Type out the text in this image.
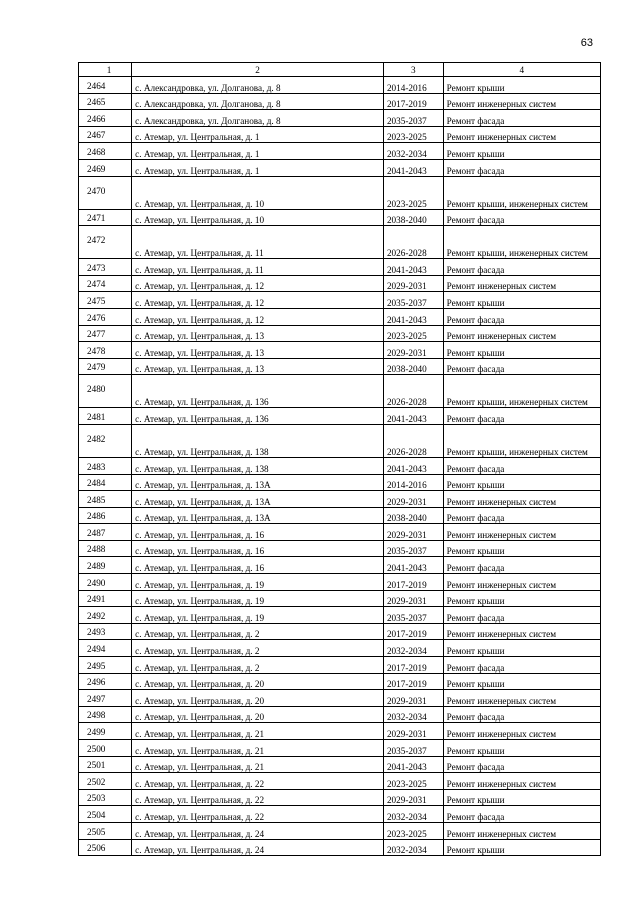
63
1	2	3	4
2464	с. Александровка, ул. Долганова, д. 8	2014-2016	Ремонт крыши
2465	с. Александровка, ул. Долганова, д. 8	2017-2019	Ремонт инженерных систем
2466	с. Александровка, ул. Долганова, д. 8	2035-2037	Ремонт фасада
2467	с. Атемар, ул. Центральная, д. 1	2023-2025	Ремонт инженерных систем
2468	с. Атемар, ул. Центральная, д. 1	2032-2034	Ремонт крыши
2469	с. Атемар, ул. Центральная, д. 1	2041-2043	Ремонт фасада
2470	с. Атемар, ул. Центральная, д. 10	2023-2025	Ремонт крыши, инженерных систем
2471	с. Атемар, ул. Центральная, д. 10	2038-2040	Ремонт фасада
2472	с. Атемар, ул. Центральная, д. 11	2026-2028	Ремонт крыши, инженерных систем
2473	с. Атемар, ул. Центральная, д. 11	2041-2043	Ремонт фасада
2474	с. Атемар, ул. Центральная, д. 12	2029-2031	Ремонт инженерных систем
2475	с. Атемар, ул. Центральная, д. 12	2035-2037	Ремонт крыши
2476	с. Атемар, ул. Центральная, д. 12	2041-2043	Ремонт фасада
2477	с. Атемар, ул. Центральная, д. 13	2023-2025	Ремонт инженерных систем
2478	с. Атемар, ул. Центральная, д. 13	2029-2031	Ремонт крыши
2479	с. Атемар, ул. Центральная, д. 13	2038-2040	Ремонт фасада
2480	с. Атемар, ул. Центральная, д. 136	2026-2028	Ремонт крыши, инженерных систем
2481	с. Атемар, ул. Центральная, д. 136	2041-2043	Ремонт фасада
2482	с. Атемар, ул. Центральная, д. 138	2026-2028	Ремонт крыши, инженерных систем
2483	с. Атемар, ул. Центральная, д. 138	2041-2043	Ремонт фасада
2484	с. Атемар, ул. Центральная, д. 13А	2014-2016	Ремонт крыши
2485	с. Атемар, ул. Центральная, д. 13А	2029-2031	Ремонт инженерных систем
2486	с. Атемар, ул. Центральная, д. 13А	2038-2040	Ремонт фасада
2487	с. Атемар, ул. Центральная, д. 16	2029-2031	Ремонт инженерных систем
2488	с. Атемар, ул. Центральная, д. 16	2035-2037	Ремонт крыши
2489	с. Атемар, ул. Центральная, д. 16	2041-2043	Ремонт фасада
2490	с. Атемар, ул. Центральная, д. 19	2017-2019	Ремонт инженерных систем
2491	с. Атемар, ул. Центральная, д. 19	2029-2031	Ремонт крыши
2492	с. Атемар, ул. Центральная, д. 19	2035-2037	Ремонт фасада
2493	с. Атемар, ул. Центральная, д. 2	2017-2019	Ремонт инженерных систем
2494	с. Атемар, ул. Центральная, д. 2	2032-2034	Ремонт крыши
2495	с. Атемар, ул. Центральная, д. 2	2017-2019	Ремонт фасада
2496	с. Атемар, ул. Центральная, д. 20	2017-2019	Ремонт крыши
2497	с. Атемар, ул. Центральная, д. 20	2029-2031	Ремонт инженерных систем
2498	с. Атемар, ул. Центральная, д. 20	2032-2034	Ремонт фасада
2499	с. Атемар, ул. Центральная, д. 21	2029-2031	Ремонт инженерных систем
2500	с. Атемар, ул. Центральная, д. 21	2035-2037	Ремонт крыши
2501	с. Атемар, ул. Центральная, д. 21	2041-2043	Ремонт фасада
2502	с. Атемар, ул. Центральная, д. 22	2023-2025	Ремонт инженерных систем
2503	с. Атемар, ул. Центральная, д. 22	2029-2031	Ремонт крыши
2504	с. Атемар, ул. Центральная, д. 22	2032-2034	Ремонт фасада
2505	с. Атемар, ул. Центральная, д. 24	2023-2025	Ремонт инженерных систем
2506	с. Атемар, ул. Центральная, д. 24	2032-2034	Ремонт крыши
